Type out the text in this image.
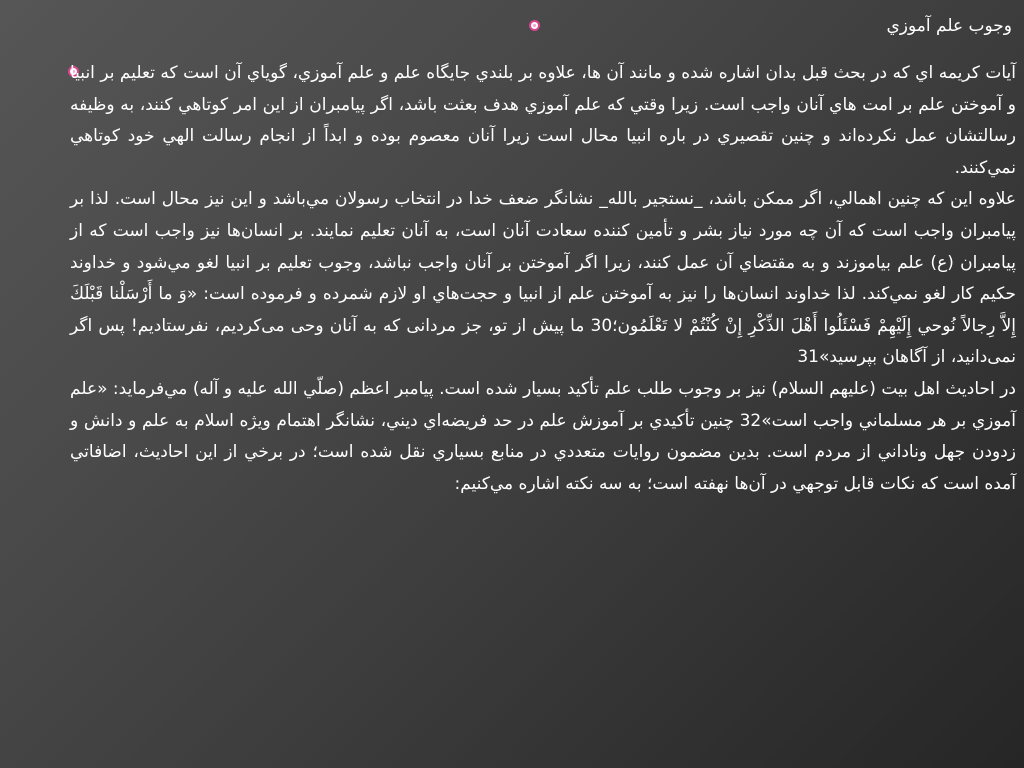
وجوب علم آموزي

آيات كريمه اي كه در بحث قبل بدان اشاره شده و مانند آن ها، علاوه بر بلندي جايگاه علم و علم آموزي، گوياي آن است كه تعليم بر انبيا و آموختن علم بر امت هاي آنان واجب است. زيرا وقتي كه علم آموزي هدف بعثت باشد، اگر پيامبران از اين امر كوتاهي كنند، به وظيفه رسالتشان عمل نكرده‌اند و چنين تقصيري در باره انبيا محال است زيرا آنان معصوم بوده و ابداً از انجام رسالت الهي خود كوتاهي نمي‌كنند.

علاوه اين كه چنين اهمالي، اگر ممكن باشد، _نستجير بالله_ نشانگر ضعف خدا در انتخاب رسولان مي‌باشد و اين نيز محال است. لذا بر پيامبران واجب است كه آن چه مورد نياز بشر و تأمين كننده سعادت آنان است، به آنان تعليم نمايند. بر انسان‌ها نيز واجب است كه از پيامبران (ع) علم بياموزند و به مقتضاي آن عمل كنند، زيرا اگر آموختن بر آنان واجب نباشد، وجوب تعليم بر انبيا لغو مي‌شود و خداوند حكيم كار لغو نمي‌كند. لذا خداوند انسان‌ها را نيز به آموختن علم از انبيا و حجت‌هاي او لازم شمرده و فرموده است: «وَ ما أَرْسَلْنا قَبْلَكَ إِلاَّ رِجالاً نُوحي إِلَيْهِمْ فَسْئَلُوا أَهْلَ الذِّكْرِ إِنْ كُنْتُمْ لا تَعْلَمُون؛30 ما پيش از تو، جز مردانى كه به آنان وحى مى‌كرديم، نفرستاديم! پس اگر نمى‌دانيد، از آگاهان بپرسيد»31

در احاديث اهل بيت (عليهم السلام) نيز بر وجوب طلب علم تأكيد بسيار شده است. پيامبر اعظم (صلّي الله عليه و آله) مي‌فرمايد: «علم آموزي بر هر مسلماني واجب است»32 چنين تأكيدي بر آموزش علم در حد فريضه‌اي ديني، نشانگر اهتمام ويژه اسلام به علم و دانش و زدودن جهل وناداني از مردم است. بدين مضمون روايات متعددي در منابع بسياري نقل شده است؛ در برخي از اين احاديث، اضافاتي آمده است كه نكات قابل توجهي در آن‌ها نهفته است؛ به سه نكته اشاره مي‌كنيم:
